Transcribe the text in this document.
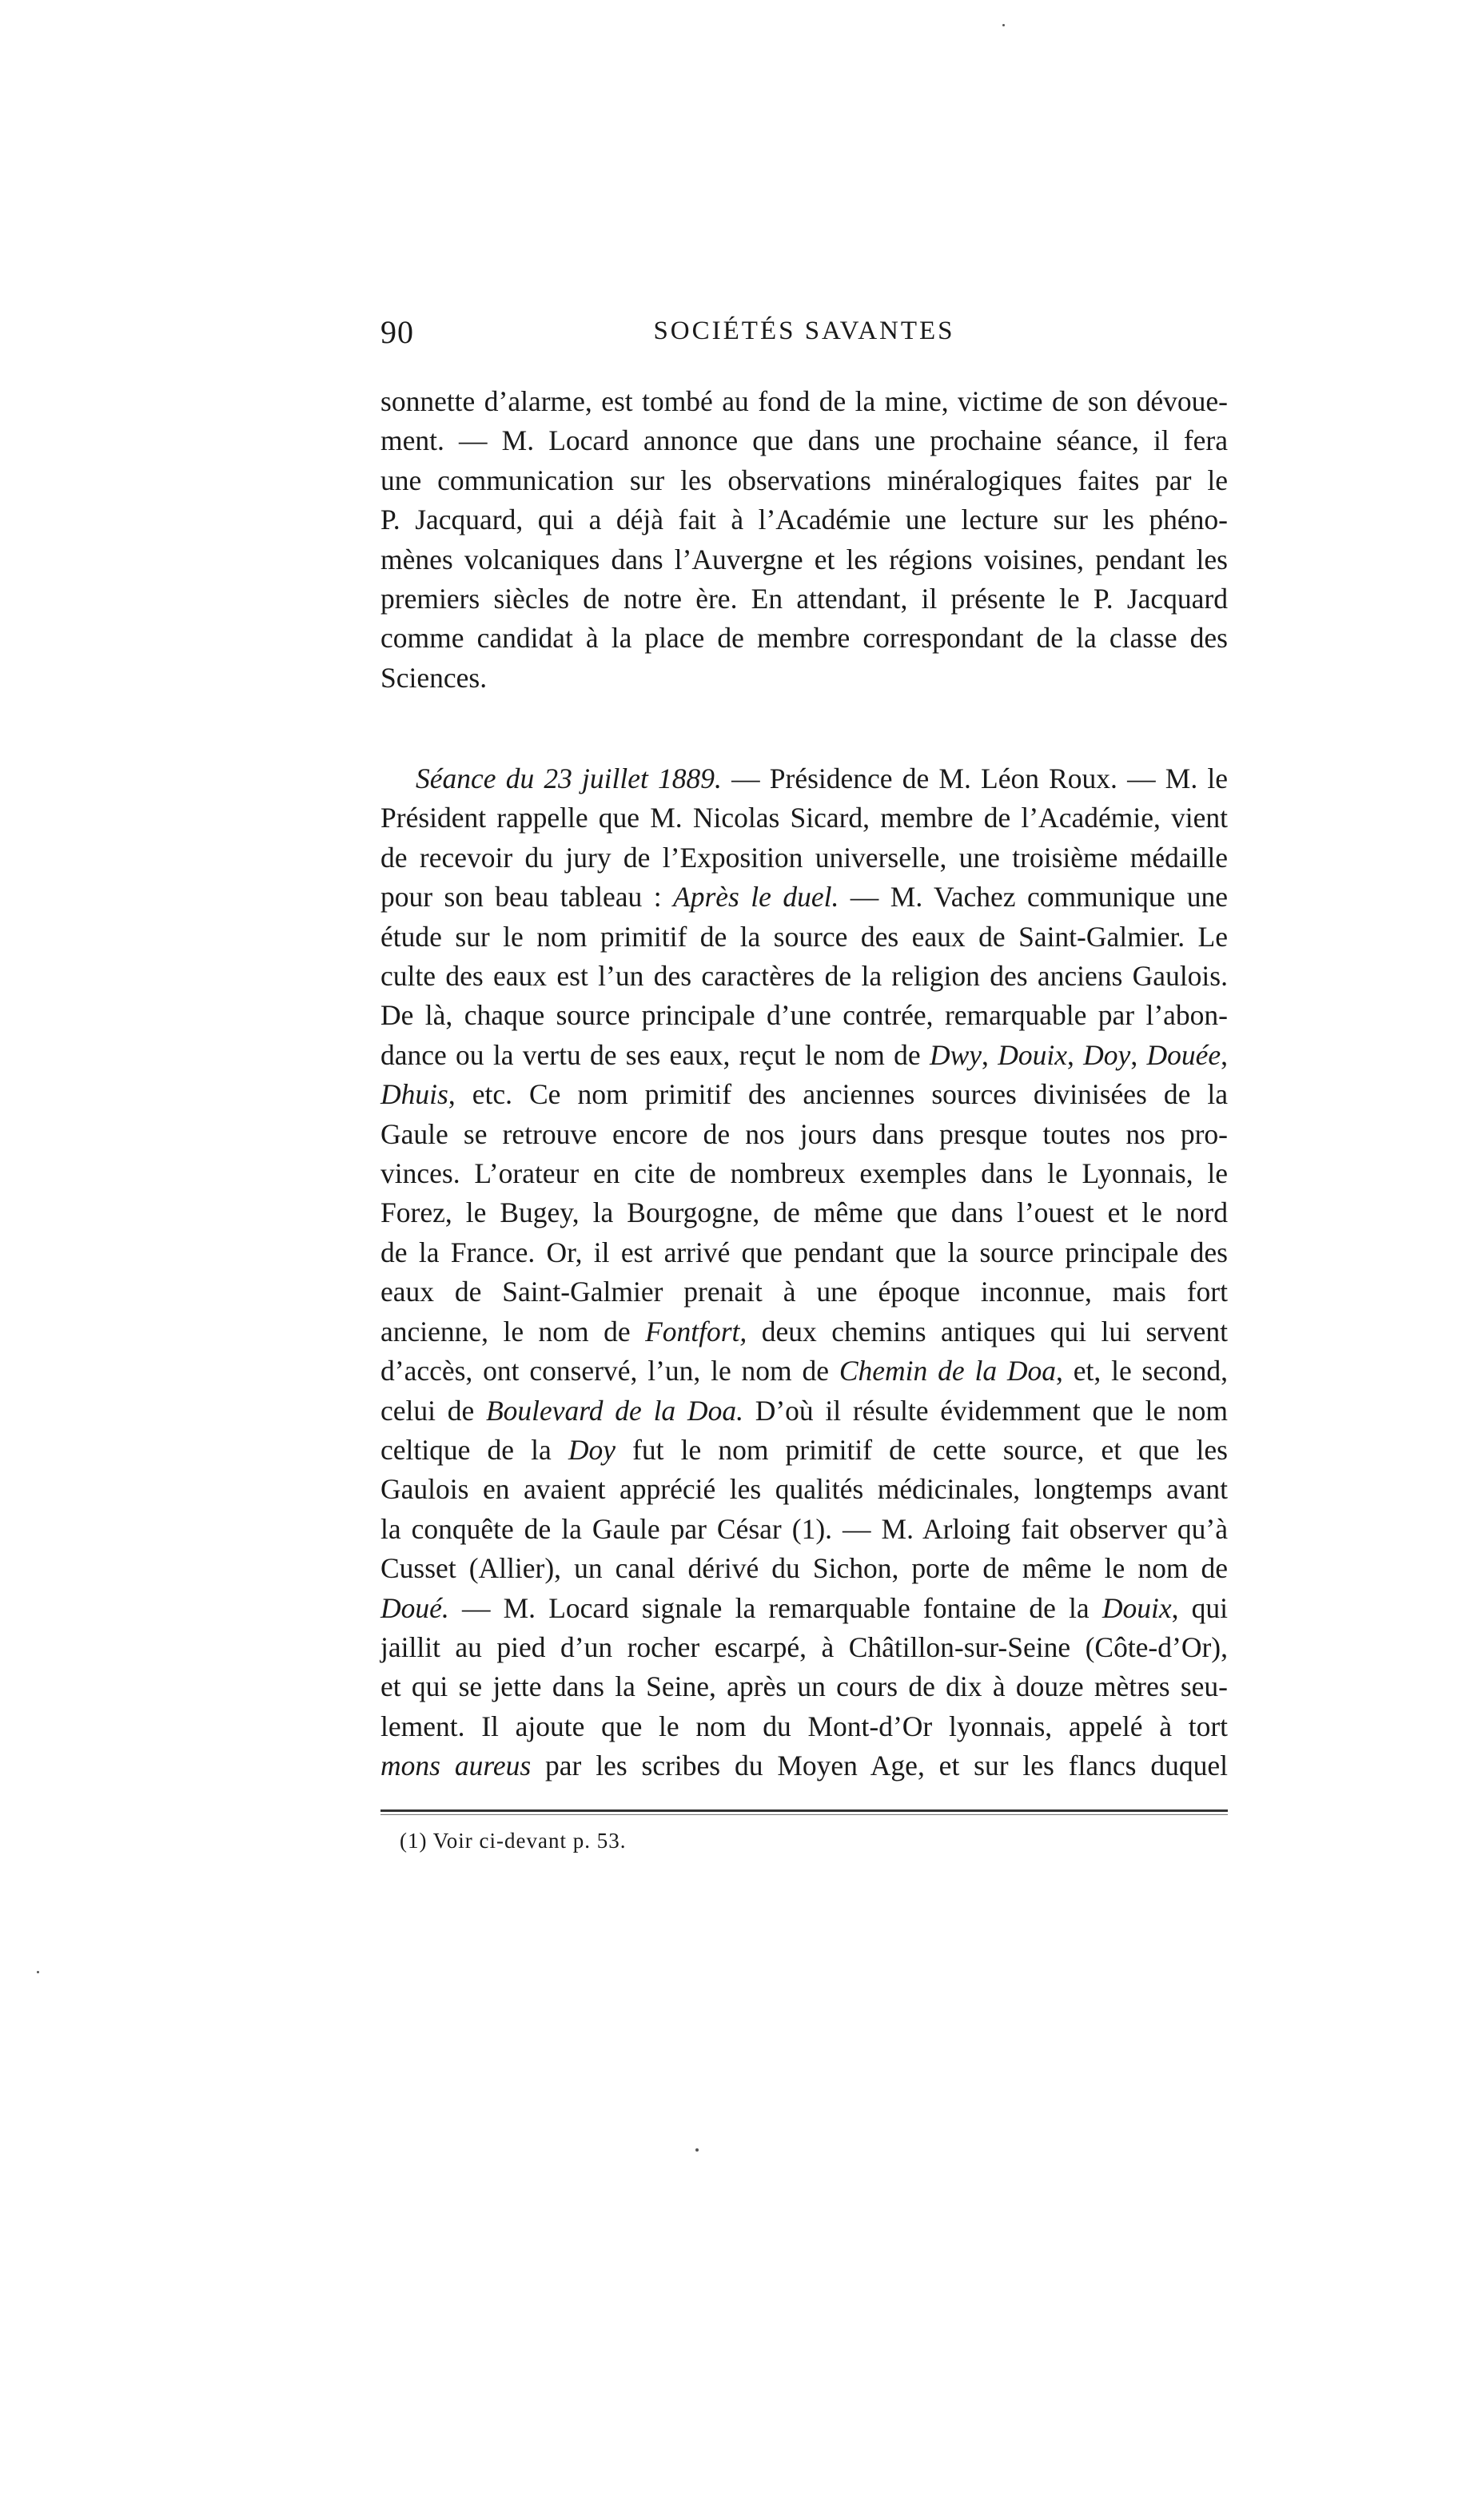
90	SOCIÉTÉS SAVANTES
sonnette d’alarme, est tombé au fond de la mine, victime de son dévoue-
ment. — M. Locard annonce que dans une prochaine séance, il fera
une communication sur les observations minéralogiques faites par le
P. Jacquard, qui a déjà fait à l’Académie une lecture sur les phéno-
mènes volcaniques dans l’Auvergne et les régions voisines, pendant les
premiers siècles de notre ère. En attendant, il présente le P. Jacquard
comme candidat à la place de membre correspondant de la classe des
Sciences.
Séance du 23 juillet 1889. — Présidence de M. Léon Roux. — M. le
Président rappelle que M. Nicolas Sicard, membre de l’Académie, vient
de recevoir du jury de l’Exposition universelle, une troisième médaille
pour son beau tableau : Après le duel. — M. Vachez communique une
étude sur le nom primitif de la source des eaux de Saint-Galmier. Le
culte des eaux est l’un des caractères de la religion des anciens Gaulois.
De là, chaque source principale d’une contrée, remarquable par l’abon-
dance ou la vertu de ses eaux, reçut le nom de Dwy, Douix, Doy, Douée,
Dhuis, etc. Ce nom primitif des anciennes sources divinisées de la
Gaule se retrouve encore de nos jours dans presque toutes nos pro-
vinces. L’orateur en cite de nombreux exemples dans le Lyonnais, le
Forez, le Bugey, la Bourgogne, de même que dans l’ouest et le nord
de la France. Or, il est arrivé que pendant que la source principale des
eaux de Saint-Galmier prenait à une époque inconnue, mais fort
ancienne, le nom de Fontfort, deux chemins antiques qui lui servent
d’accès, ont conservé, l’un, le nom de Chemin de la Doa, et, le second,
celui de Boulevard de la Doa. D’où il résulte évidemment que le nom
celtique de la Doy fut le nom primitif de cette source, et que les
Gaulois en avaient apprécié les qualités médicinales, longtemps avant
la conquête de la Gaule par César (1). — M. Arloing fait observer qu’à
Cusset (Allier), un canal dérivé du Sichon, porte de même le nom de
Doué. — M. Locard signale la remarquable fontaine de la Douix, qui
jaillit au pied d’un rocher escarpé, à Châtillon-sur-Seine (Côte-d’Or),
et qui se jette dans la Seine, après un cours de dix à douze mètres seu-
lement. Il ajoute que le nom du Mont-d’Or lyonnais, appelé à tort
mons aureus par les scribes du Moyen Age, et sur les flancs duquel
(1) Voir ci-devant p. 53.
